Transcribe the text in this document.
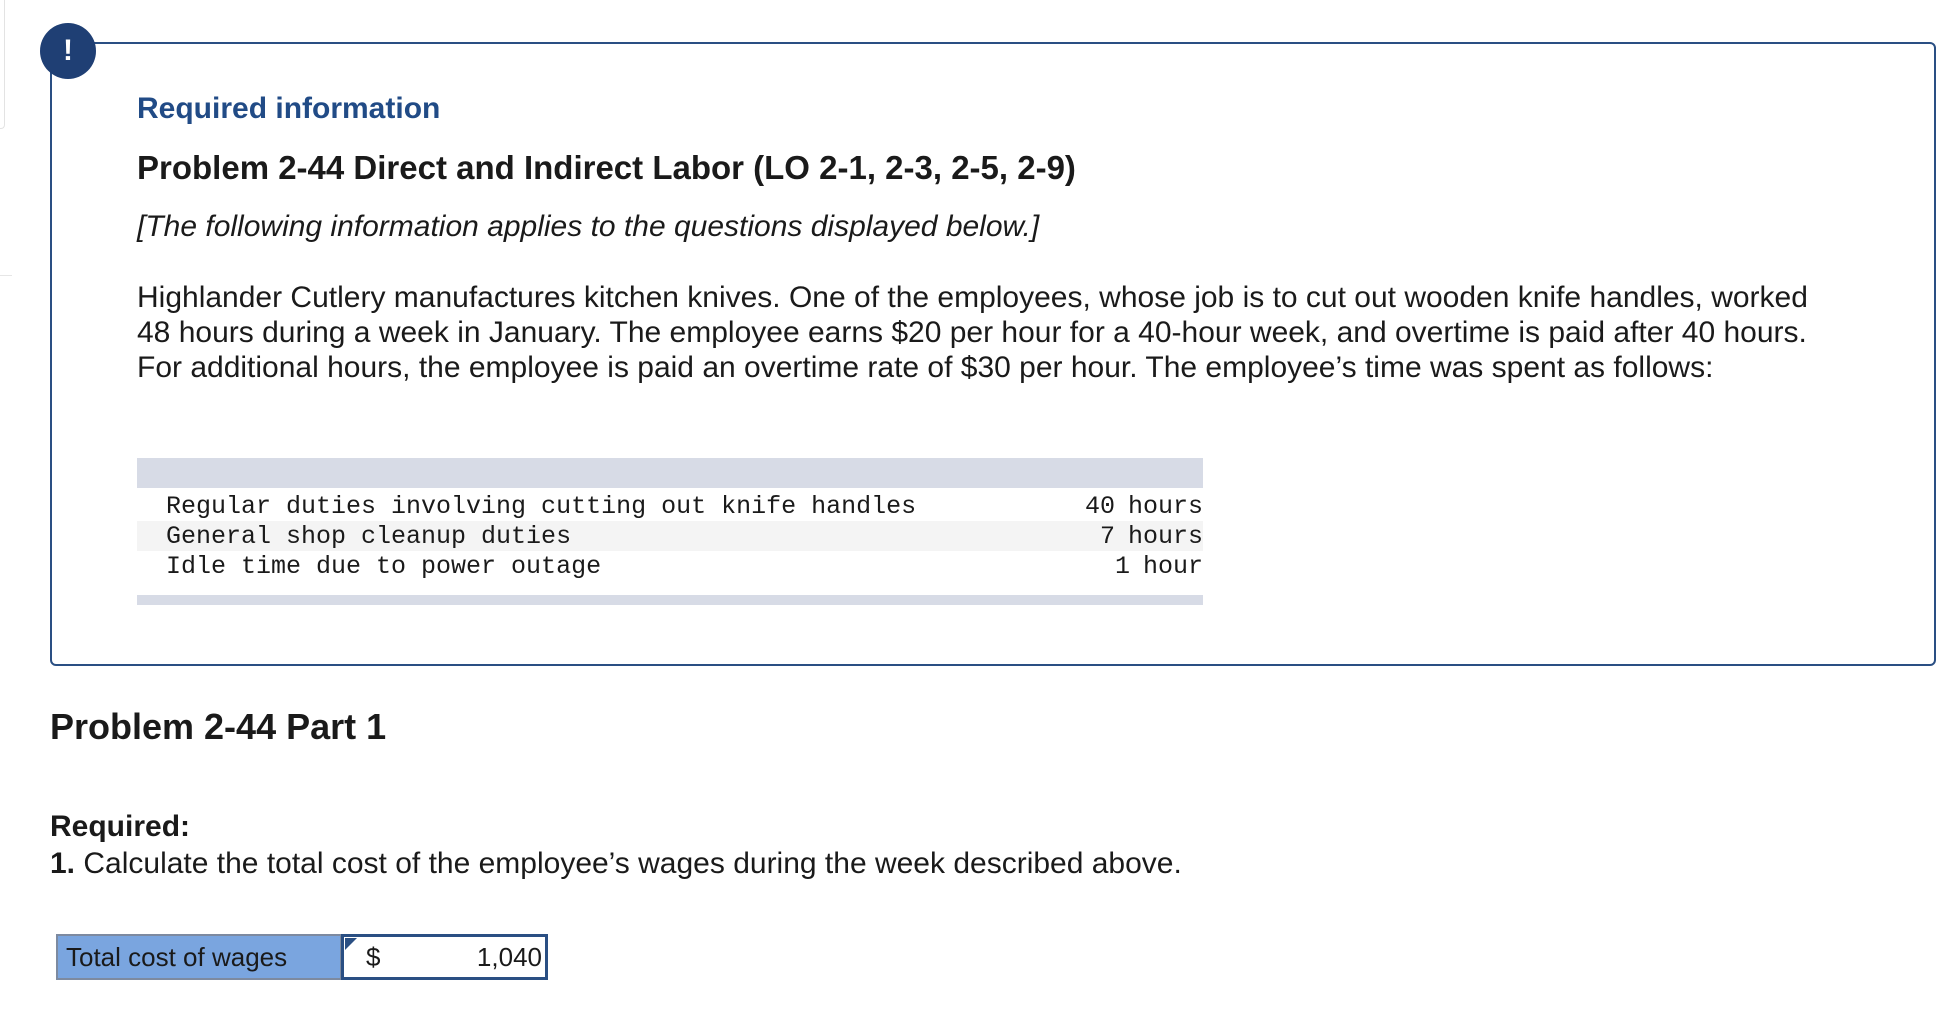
!
Required information
Problem 2-44 Direct and Indirect Labor (LO 2-1, 2-3, 2-5, 2-9)
[The following information applies to the questions displayed below.]
Highlander Cutlery manufactures kitchen knives. One of the employees, whose job is to cut out wooden knife handles, worked 48 hours during a week in January. The employee earns $20 per hour for a 40-hour week, and overtime is paid after 40 hours. For additional hours, the employee is paid an overtime rate of $30 per hour. The employee’s time was spent as follows:
Regular duties involving cutting out knife handles	40 hours
General shop cleanup duties	7 hours
Idle time due to power outage	1 hour
Problem 2-44 Part 1
Required:
1. Calculate the total cost of the employee’s wages during the week described above.
Total cost of wages	$	1,040
